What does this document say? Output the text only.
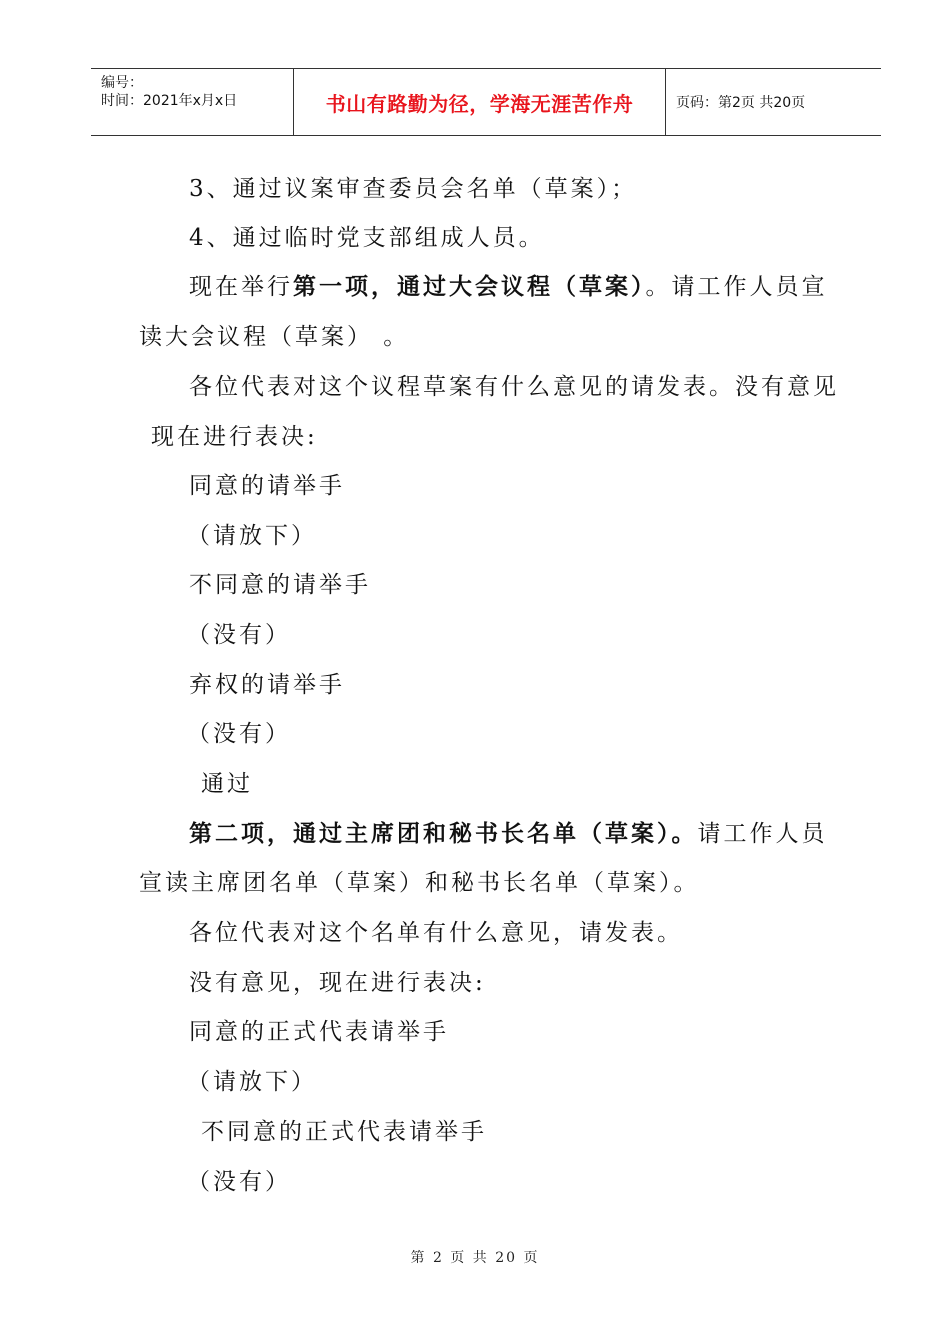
编号：
时间：2021年x月x日	书山有路勤为径，学海无涯苦作舟	页码：第2页 共20页
3、通过议案审查委员会名单（草案）；
4、通过临时党支部组成人员。
现在举行第一项，通过大会议程（草案）。请工作人员宣
读大会议程（草案） 。
各位代表对这个议程草案有什么意见的请发表。没有意见
现在进行表决:
同意的请举手
（请放下）
不同意的请举手
（没有）
弃权的请举手
（没有）
通过
第二项，通过主席团和秘书长名单（草案）。请工作人员
宣读主席团名单（草案）和秘书长名单（草案）。
各位代表对这个名单有什么意见，请发表。
没有意见，现在进行表决:
同意的正式代表请举手
（请放下）
不同意的正式代表请举手
（没有）
第 2 页 共 20 页
